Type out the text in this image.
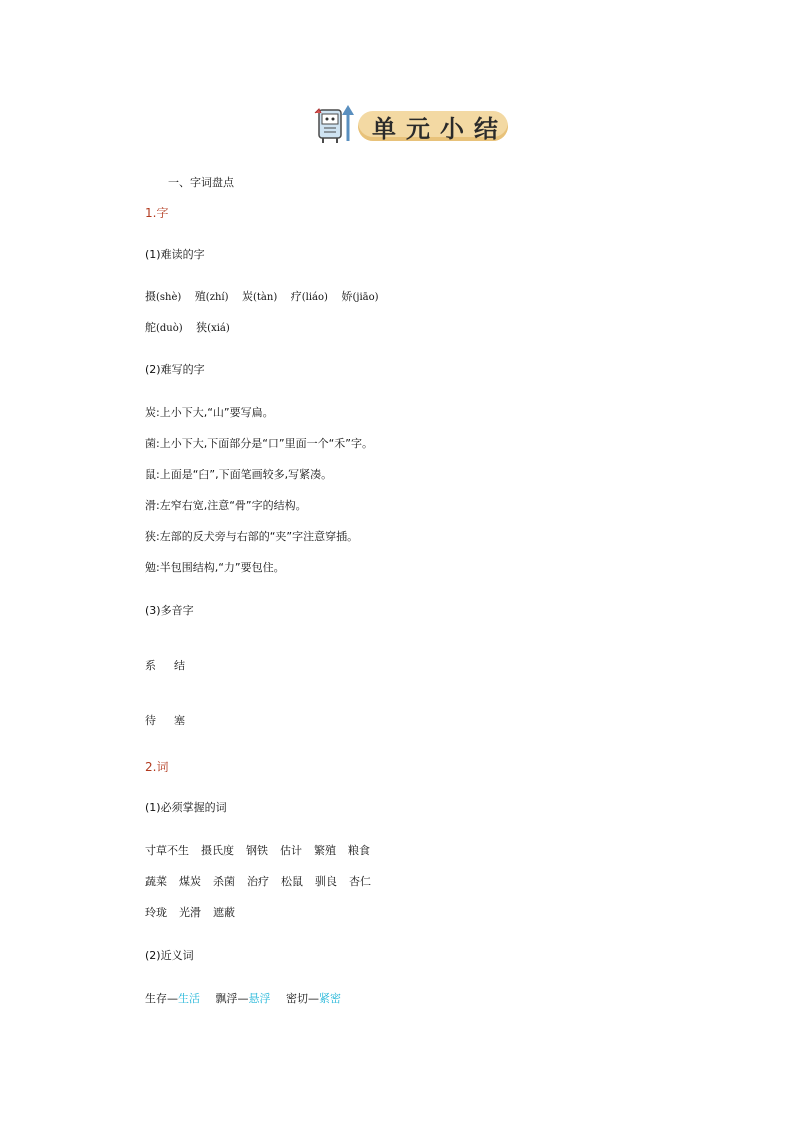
单元小结
一、字词盘点
1.字
(1)难读的字
摄(shè) 殖(zhí) 炭(tàn) 疗(liáo) 娇(jiāo)
舵(duò) 狭(xiá)
(2)难写的字
炭:上小下大,“山”要写扁。
菌:上小下大,下面部分是“口”里面一个“禾”字。
鼠:上面是“臼”,下面笔画较多,写紧凑。
滑:左窄右宽,注意“骨”字的结构。
狭:左部的反犬旁与右部的“夹”字注意穿插。
勉:半包围结构,“力”要包住。
(3)多音字
系 结
待 塞
2.词
(1)必须掌握的词
寸草不生 摄氏度 钢铁 估计 繁殖 粮食
蔬菜 煤炭 杀菌 治疗 松鼠 驯良 杏仁
玲珑 光滑 遮蔽
(2)近义词
生存—生活 飘浮—悬浮 密切—紧密
